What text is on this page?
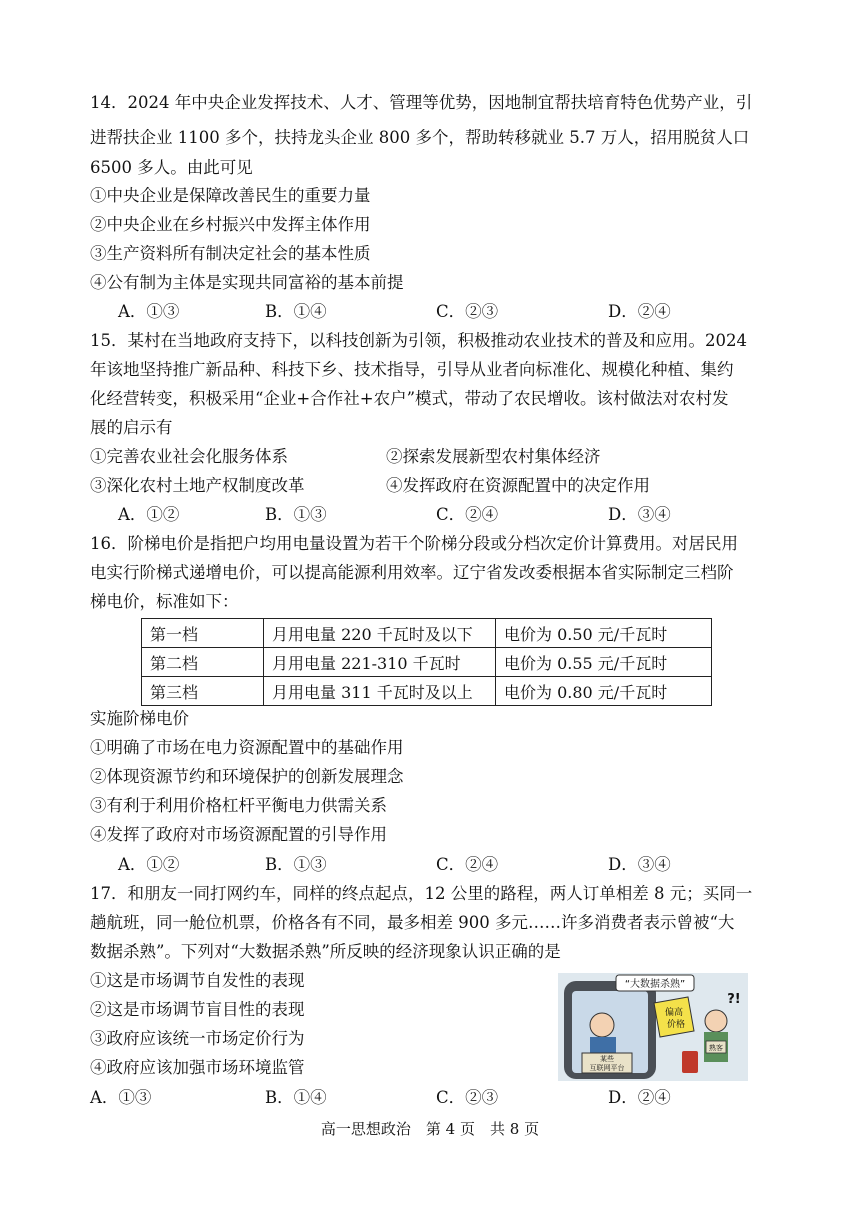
14．2024 年中央企业发挥技术、人才、管理等优势，因地制宜帮扶培育特色优势产业，引
进帮扶企业 1100 多个，扶持龙头企业 800 多个，帮助转移就业 5.7 万人，招用脱贫人口
6500 多人。由此可见
①中央企业是保障改善民生的重要力量
②中央企业在乡村振兴中发挥主体作用
③生产资料所有制决定社会的基本性质
④公有制为主体是实现共同富裕的基本前提
A．①③	B．①④	C．②③	D．②④
15．某村在当地政府支持下，以科技创新为引领，积极推动农业技术的普及和应用。2024
年该地坚持推广新品种、科技下乡、技术指导，引导从业者向标准化、规模化种植、集约
化经营转变，积极采用“企业+合作社+农户”模式，带动了农民增收。该村做法对农村发
展的启示有
①完善农业社会化服务体系	②探索发展新型农村集体经济
③深化农村土地产权制度改革	④发挥政府在资源配置中的决定作用
A．①②	B．①③	C．②④	D．③④
16．阶梯电价是指把户均用电量设置为若干个阶梯分段或分档次定价计算费用。对居民用
电实行阶梯式递增电价，可以提高能源利用效率。辽宁省发改委根据本省实际制定三档阶
梯电价，标准如下：
第一档	月用电量 220 千瓦时及以下	电价为 0.50 元/千瓦时
第二档	月用电量 221-310 千瓦时	电价为 0.55 元/千瓦时
第三档	月用电量 311 千瓦时及以上	电价为 0.80 元/千瓦时
实施阶梯电价
①明确了市场在电力资源配置中的基础作用
②体现资源节约和环境保护的创新发展理念
③有利于利用价格杠杆平衡电力供需关系
④发挥了政府对市场资源配置的引导作用
A．①②	B．①③	C．②④	D．③④
17．和朋友一同打网约车，同样的终点起点，12 公里的路程，两人订单相差 8 元；买同一
趟航班，同一舱位机票，价格各有不同，最多相差 900 多元……许多消费者表示曾被“大
数据杀熟”。下列对“大数据杀熟”所反映的经济现象认识正确的是
①这是市场调节自发性的表现
②这是市场调节盲目性的表现
③政府应该统一市场定价行为
④政府应该加强市场环境监管
A．①③	B．①④	C．②③	D．②④
“大数据杀熟”
某些
互联网平台
偏高
价格
熟客
?!
高一思想政治　第 4 页　共 8 页
